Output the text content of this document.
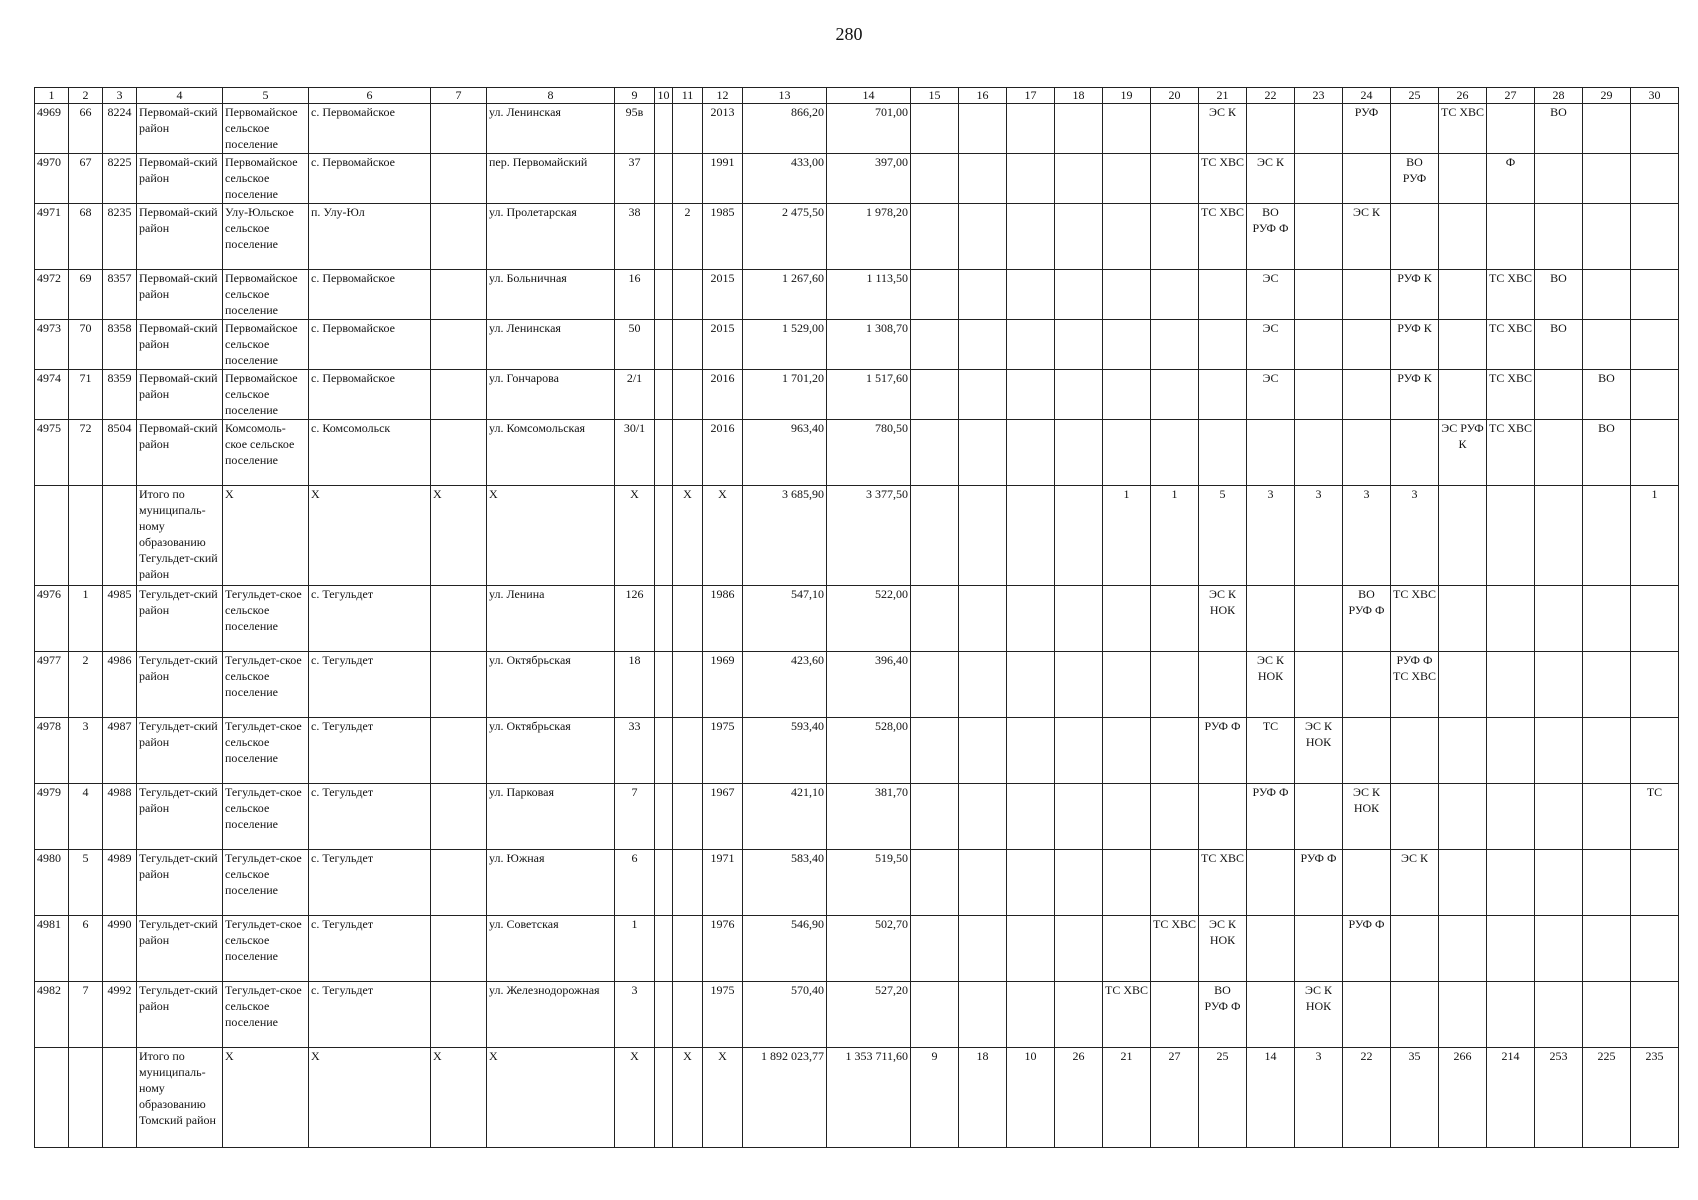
280
1	2	3	4	5	6	7	8	9	10	11	12	13	14	15	16	17	18	19	20	21	22	23	24	25	26	27	28	29	30
4969	66	8224	Первомай-ский район	Первомайское сельское поселение	с. Первомайское		ул. Ленинская	95в			2013	866,20	701,00							ЭС К			РУФ		ТС ХВС		ВО		
4970	67	8225	Первомай-ский район	Первомайское сельское поселение	с. Первомайское		пер. Первомайский	37			1991	433,00	397,00							ТС ХВС	ЭС К			ВО РУФ		Ф			
4971	68	8235	Первомай-ский район	Улу-Юльское сельское поселение	п. Улу-Юл		ул. Пролетарская	38		2	1985	2 475,50	1 978,20							ТС ХВС	ВО РУФ Ф		ЭС К						
4972	69	8357	Первомай-ский район	Первомайское сельское поселение	с. Первомайское		ул. Больничная	16			2015	1 267,60	1 113,50								ЭС			РУФ К		ТС ХВС	ВО		
4973	70	8358	Первомай-ский район	Первомайское сельское поселение	с. Первомайское		ул. Ленинская	50			2015	1 529,00	1 308,70								ЭС			РУФ К		ТС ХВС	ВО		
4974	71	8359	Первомай-ский район	Первомайское сельское поселение	с. Первомайское		ул. Гончарова	2/1			2016	1 701,20	1 517,60								ЭС			РУФ К		ТС ХВС		ВО	
4975	72	8504	Первомай-ский район	Комсомоль-ское сельское поселение	с. Комсомольск		ул. Комсомольская	30/1			2016	963,40	780,50												ЭС РУФ К	ТС ХВС		ВО	
			Итого по муниципаль-ному образованию Тегульдет-ский район	X	X	X	X	X		X	X	3 685,90	3 377,50					1	1	5	3	3	3	3					1
4976	1	4985	Тегульдет-ский район	Тегульдет-ское сельское поселение	с. Тегульдет		ул. Ленина	126			1986	547,10	522,00							ЭС К НОК			ВО РУФ Ф	ТС ХВС					
4977	2	4986	Тегульдет-ский район	Тегульдет-ское сельское поселение	с. Тегульдет		ул. Октябрьская	18			1969	423,60	396,40								ЭС К НОК			РУФ Ф ТС ХВС					
4978	3	4987	Тегульдет-ский район	Тегульдет-ское сельское поселение	с. Тегульдет		ул. Октябрьская	33			1975	593,40	528,00							РУФ Ф	ТС	ЭС К НОК							
4979	4	4988	Тегульдет-ский район	Тегульдет-ское сельское поселение	с. Тегульдет		ул. Парковая	7			1967	421,10	381,70								РУФ Ф		ЭС К НОК						ТС
4980	5	4989	Тегульдет-ский район	Тегульдет-ское сельское поселение	с. Тегульдет		ул. Южная	6			1971	583,40	519,50							ТС ХВС		РУФ Ф		ЭС К					
4981	6	4990	Тегульдет-ский район	Тегульдет-ское сельское поселение	с. Тегульдет		ул. Советская	1			1976	546,90	502,70						ТС ХВС	ЭС К НОК			РУФ Ф						
4982	7	4992	Тегульдет-ский район	Тегульдет-ское сельское поселение	с. Тегульдет		ул. Железнодорожная	3			1975	570,40	527,20					ТС ХВС		ВО РУФ Ф		ЭС К НОК							
			Итого по муниципаль-ному образованию Томский район	X	X	X	X	X		X	X	1 892 023,77	1 353 711,60	9	18	10	26	21	27	25	14	3	22	35	266	214	253	225	235
